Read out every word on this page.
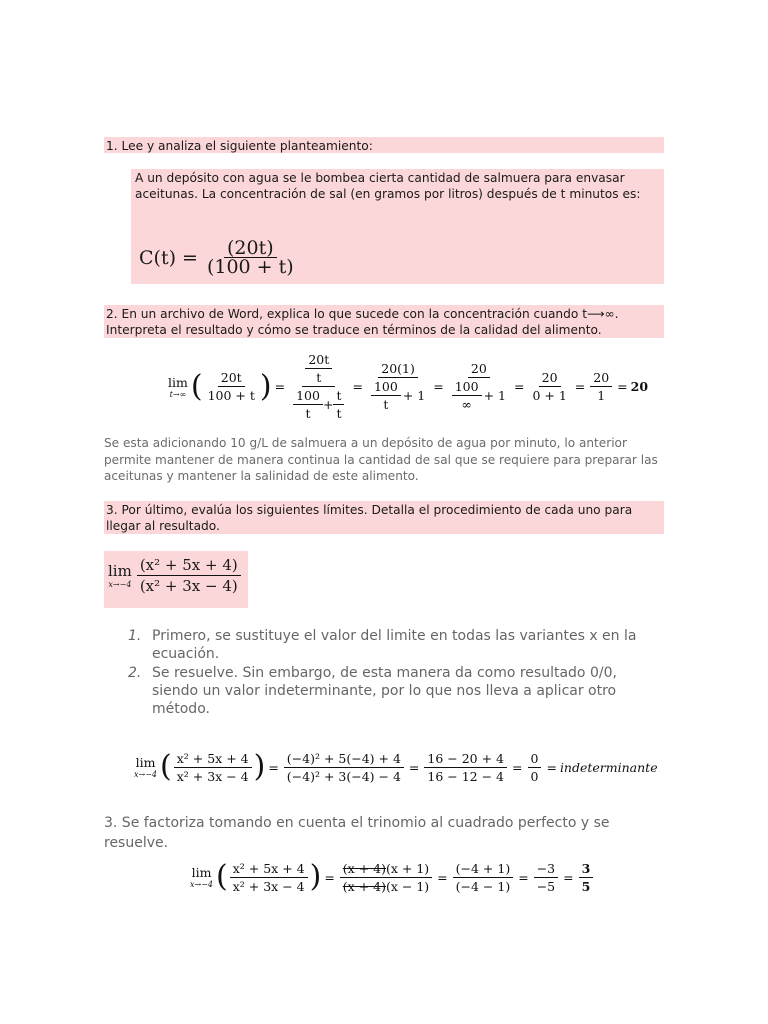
1. Lee y analiza el siguiente planteamiento:
A un depósito con agua se le bombea cierta cantidad de salmuera para envasar aceitunas. La concentración de sal (en gramos por litros) después de t minutos es:
$C(t) = \frac{(20t)}{(100 + t)}$
2. En un archivo de Word, explica lo que sucede con la concentración cuando t⟶∞. Interpreta el resultado y cómo se traduce en términos de la calidad del alimento.
lim
t→∞ ( $\frac{20t}{100 + t}$ ) = $\frac{\frac{20t}{t}}{\frac{100}{t} + \frac{t}{t}} = \frac{20(1)}{\frac{100}{t} + 1} = \frac{20}{\frac{100}{\infty} + 1} = \frac{20}{0 + 1} = \frac{20}{1} = 20$
Se esta adicionando 10 g/L de salmuera a un depósito de agua por minuto, lo anterior permite mantener de manera continua la cantidad de sal que se requiere para preparar las aceitunas y mantener la salinidad de este alimento.
3. Por último, evalúa los siguientes límites. Detalla el procedimiento de cada uno para llegar al resultado.
lim
$x\to-4 \frac{\text{(x² + 5x + 4)}}{\text{(x² + 3x − 4)}}$
1. Primero, se sustituye el valor del limite en todas las variantes x en la ecuación.
2. Se resuelve. Sin embargo, de esta manera da como resultado 0/0, siendo un valor indeterminante, por lo que nos lleva a aplicar otro método.
lim
x→−4 ( $\frac{\text{x² + 5x + 4}}{\text{x² + 3x − 4}}$ ) = $\frac{\text{(−4)² + 5(−4) + 4}}{\text{(−4)² + 3(−4) − 4}} = \frac{16 - 20 + 4}{16 - 12 - 4} = \frac{0}{0}$ = indeterminante
3. Se factoriza tomando en cuenta el trinomio al cuadrado perfecto y se resuelve.
lim
x→−4 ( $\frac{\text{x² + 5x + 4}}{\text{x² + 3x − 4}}$ ) = $\frac{(x + 4)(x + 1)}{(x + 4)(x - 1)} = \frac{(-4 + 1)}{(-4 - 1)} = \frac{-3}{-5} = \frac{3}{5}$
